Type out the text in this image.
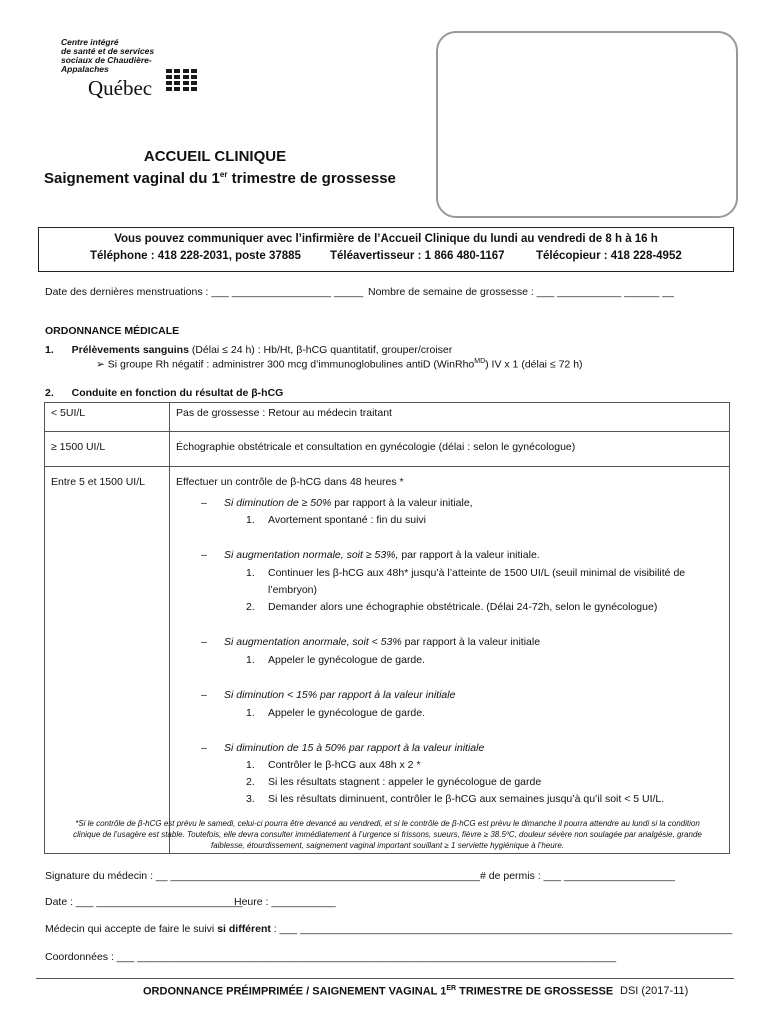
Centre intégré
de santé et de services
sociaux de Chaudière-
Appalaches
Québec
ACCUEIL CLINIQUE
Saignement vaginal du 1er trimestre de grossesse
Vous pouvez communiquer avec l’infirmière de l’Accueil Clinique du lundi au vendredi de 8 h à 16 h
Téléphone : 418 228-2031, poste 37885	Téléavertisseur : 1 866 480-1167	Télécopieur : 418 228-4952
Date des dernières menstruations : ___ _________________ _____ Nombre de semaine de grossesse : ___ ___________ ______ __
ORDONNANCE MÉDICALE
1. Prélèvements sanguins (Délai ≤ 24 h) : Hb/Ht, β-hCG quantitatif, grouper/croiser
➢ Si groupe Rh négatif : administrer 300 mcg d’immunoglobulines antiD (WinRho$^{MD}$) IV x 1 (délai ≤ 72 h)
2. Conduite en fonction du résultat de β-hCG
< 5UI/L	Pas de grossesse : Retour au médecin traitant
≥ 1500 UI/L	Échographie obstétricale et consultation en gynécologie (délai : selon le gynécologue)
Entre 5 et 1500 UI/L	Effectuer un contrôle de β-hCG dans 48 heures *
– Si diminution de ≥ 50% par rapport à la valeur initiale,
1. Avortement spontané : fin du suivi
– Si augmentation normale, soit ≥ 53%, par rapport à la valeur initiale.
1. Continuer les β-hCG aux 48h* jusqu’à l’atteinte de 1500 UI/L (seuil minimal de visibilité de
l’embryon)
2. Demander alors une échographie obstétricale. (Délai 24-72h, selon le gynécologue)
– Si augmentation anormale, soit < 53% par rapport à la valeur initiale
1. Appeler le gynécologue de garde.
– Si diminution < 15% par rapport à la valeur initiale
1. Appeler le gynécologue de garde.
– Si diminution de 15 à 50% par rapport à la valeur initiale
1. Contrôler le β-hCG aux 48h x 2 *
2. Si les résultats stagnent : appeler le gynécologue de garde
3. Si les résultats diminuent, contrôler le β-hCG aux semaines jusqu’à qu’il soit < 5 UI/L.
*Si le contrôle de β-hCG est prévu le samedi, celui-ci pourra être devancé au vendredi, et si le contrôle de β-hCG est prévu le dimanche il pourra attendre au lundi si la condition
clinique de l’usagère est stable. Toutefois, elle devra consulter immédiatement à l’urgence si frissons, sueurs, fièvre ≥ 38.5ºC, douleur sévère non soulagée par analgésie, grande
faiblesse, étourdissement, saignement vaginal important souillant ≥ 1 serviette hygiénique à l’heure.
Signature du médecin : __ _____________________________________________________ # de permis : ___ ___________________
Date : ___ _________________________
Heure : ___________
Médecin qui accepte de faire le suivi si différent : ___ __________________________________________________________________________
Coordonnées : ___ __________________________________________________________________________________
ORDONNANCE PRÉIMPRIMÉE / SAIGNEMENT VAGINAL 1ER TRIMESTRE DE GROSSESSE DSI (2017-11)
